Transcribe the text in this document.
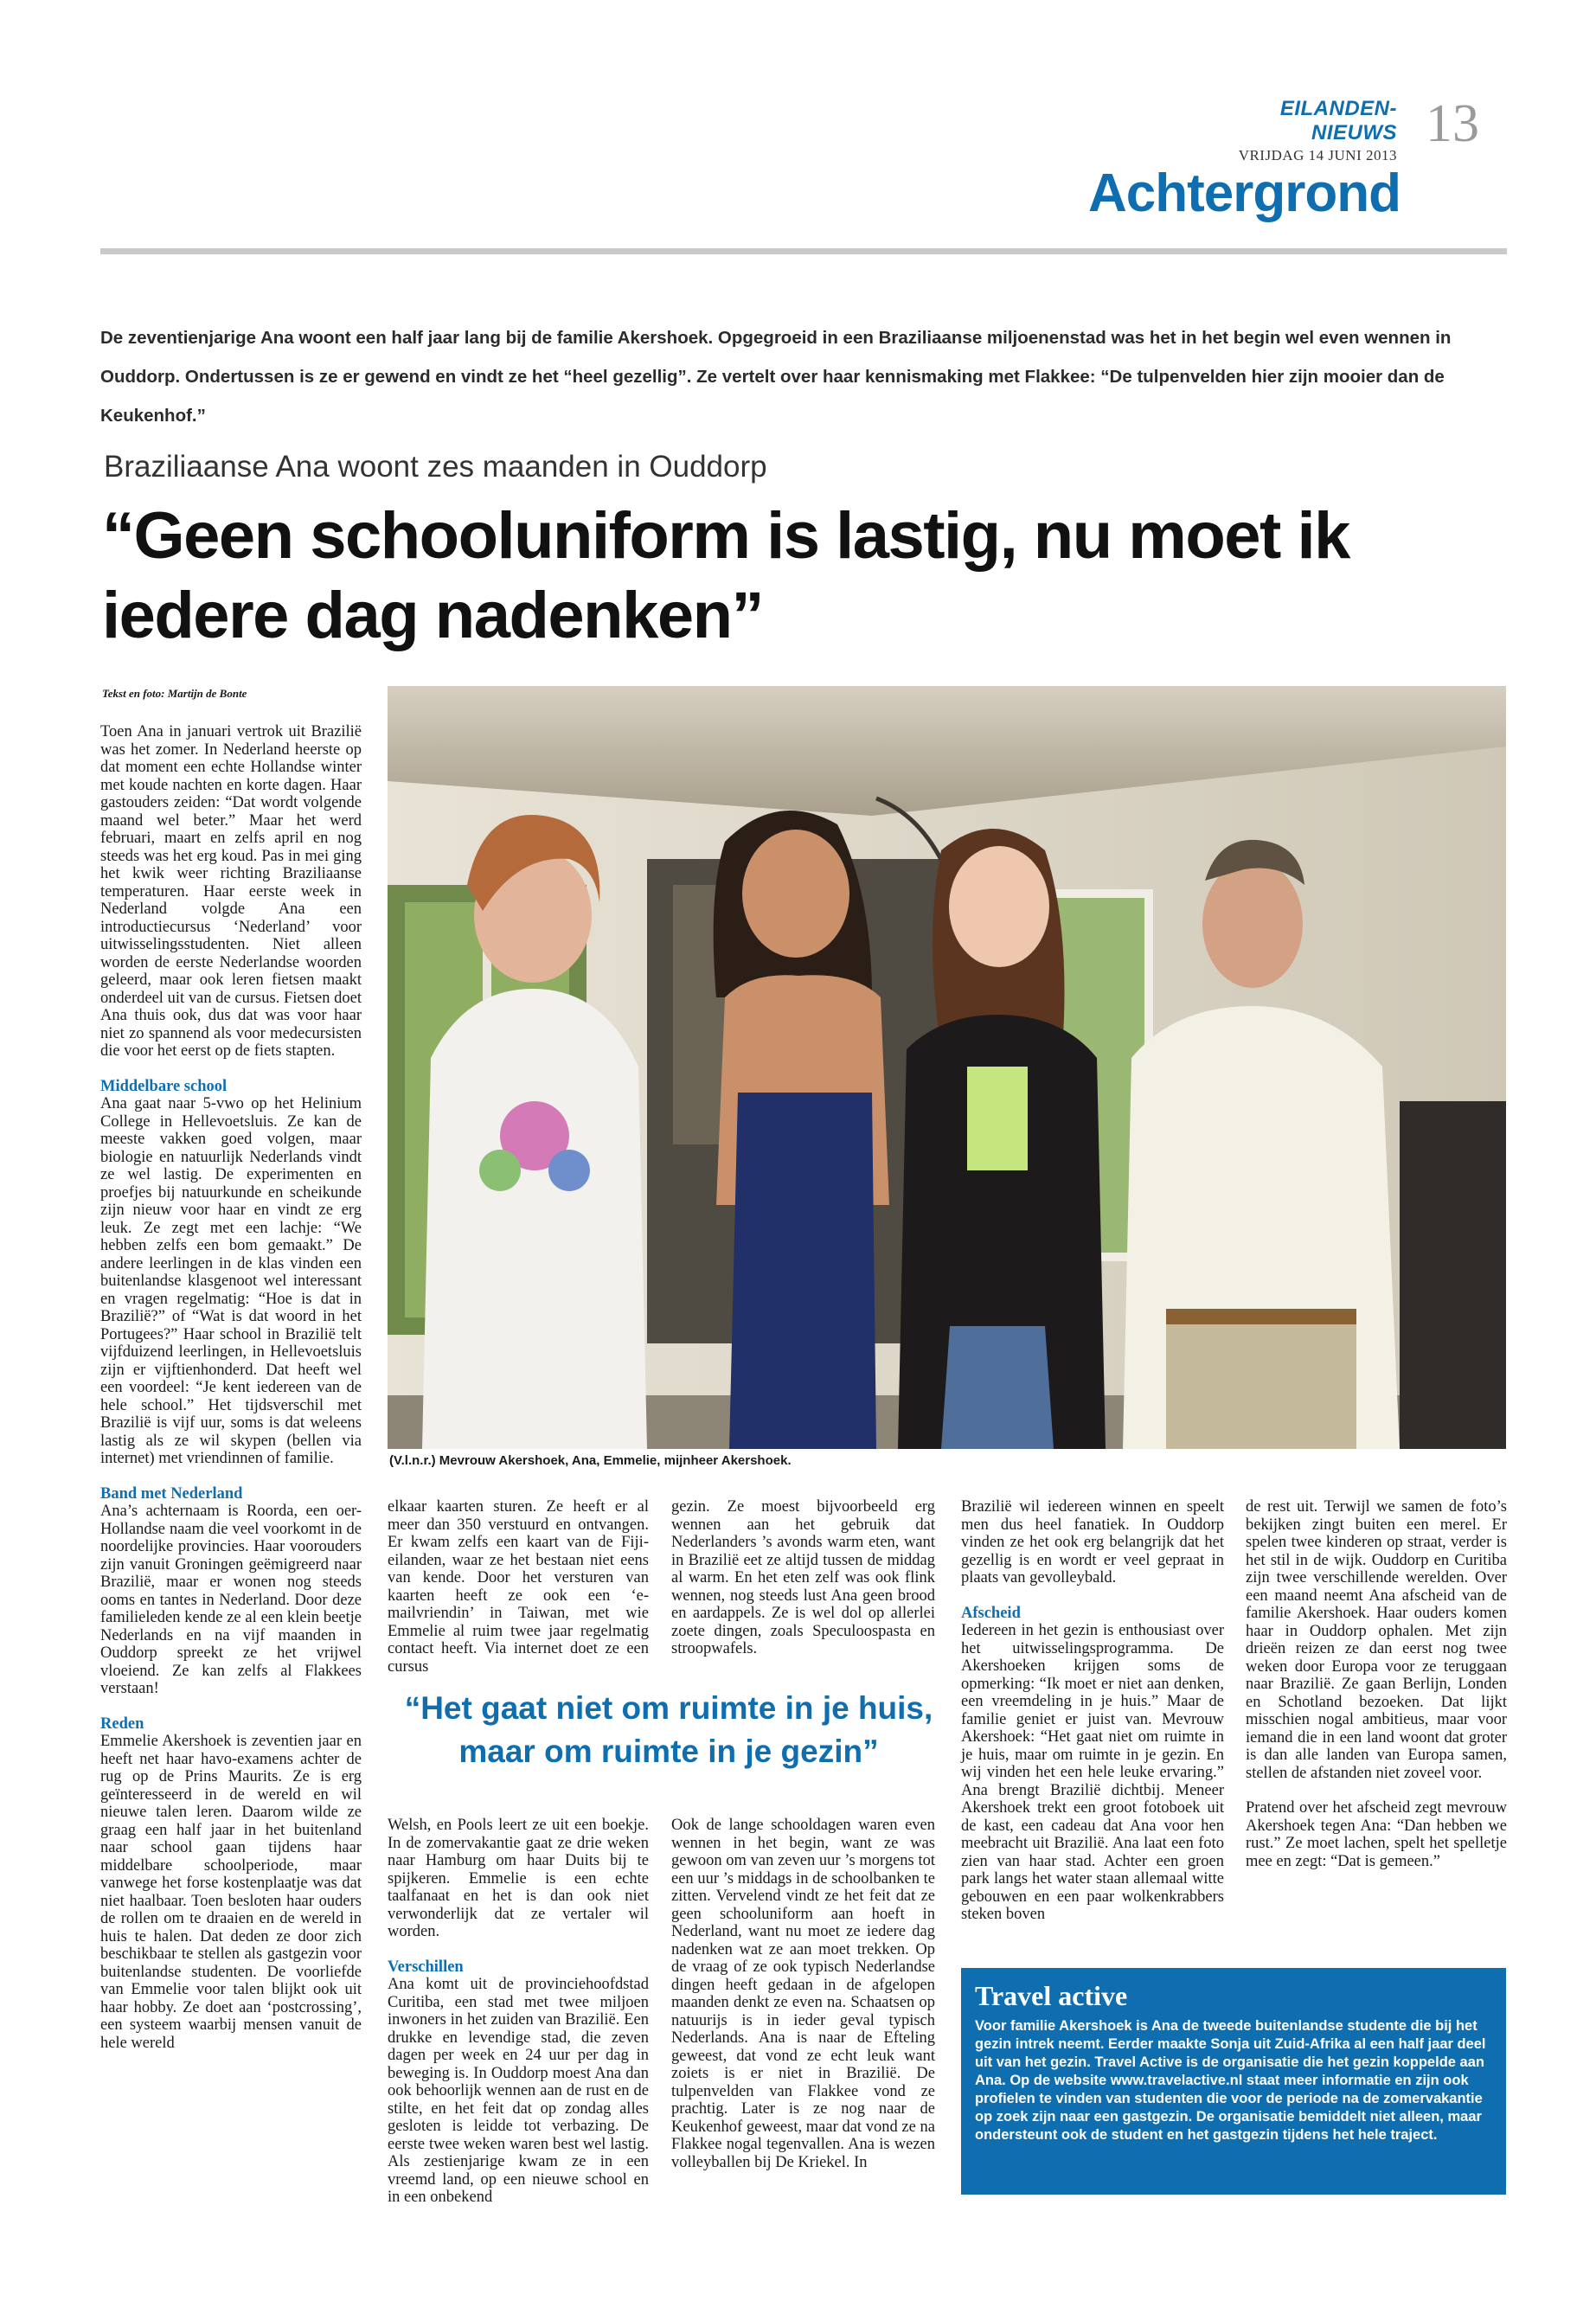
EILANDEN-NIEUWS
VRIJDAG 14 JUNI 2013
13
Achtergrond
De zeventienjarige Ana woont een half jaar lang bij de familie Akershoek. Opgegroeid in een Braziliaanse miljoenenstad was het in het begin wel even wennen in Ouddorp. Ondertussen is ze er gewend en vindt ze het “heel gezellig”. Ze vertelt over haar kennismaking met Flakkee: “De tulpenvelden hier zijn mooier dan de Keukenhof.”
Braziliaanse Ana woont zes maanden in Ouddorp
“Geen schooluniform is lastig, nu moet ik iedere dag nadenken”
Tekst en foto: Martijn de Bonte

Toen Ana in januari vertrok uit Brazilië was het zomer. In Nederland heerste op dat moment een echte Hollandse winter met koude nachten en korte dagen. Haar gastouders zeiden: “Dat wordt volgende maand wel beter.” Maar het werd februari, maart en zelfs april en nog steeds was het erg koud. Pas in mei ging het kwik weer richting Braziliaanse temperaturen. Haar eerste week in Nederland volgde Ana een introductiecursus ‘Nederland’ voor uitwisselingsstudenten. Niet alleen worden de eerste Nederlandse woorden geleerd, maar ook leren fietsen maakt onderdeel uit van de cursus. Fietsen doet Ana thuis ook, dus dat was voor haar niet zo spannend als voor medecursisten die voor het eerst op de fiets stapten.

Middelbare school

Ana gaat naar 5-vwo op het Helinium College in Hellevoetsluis. Ze kan de meeste vakken goed volgen, maar biologie en natuurlijk Nederlands vindt ze wel lastig. De experimenten en proefjes bij natuurkunde en scheikunde zijn nieuw voor haar en vindt ze erg leuk. Ze zegt met een lachje: “We hebben zelfs een bom gemaakt.” De andere leerlingen in de klas vinden een buitenlandse klasgenoot wel interessant en vragen regelmatig: “Hoe is dat in Brazilië?” of “Wat is dat woord in het Portugees?” Haar school in Brazilië telt vijfduizend leerlingen, in Hellevoetsluis zijn er vijftienhonderd. Dat heeft wel een voordeel: “Je kent iedereen van de hele school.” Het tijdsverschil met Brazilië is vijf uur, soms is dat weleens lastig als ze wil skypen (bellen via internet) met vriendinnen of familie.

Band met Nederland

Ana’s achternaam is Roorda, een oer-Hollandse naam die veel voorkomt in de noordelijke provincies. Haar voorouders zijn vanuit Groningen geëmigreerd naar Brazilië, maar er wonen nog steeds ooms en tantes in Nederland. Door deze familieleden kende ze al een klein beetje Nederlands en na vijf maanden in Ouddorp spreekt ze het vrijwel vloeiend. Ze kan zelfs al Flakkees verstaan!

Reden

Emmelie Akershoek is zeventien jaar en heeft net haar havo-examens achter de rug op de Prins Maurits. Ze is erg geïnteresseerd in de wereld en wil nieuwe talen leren. Daarom wilde ze graag een half jaar in het buitenland naar school gaan tijdens haar middelbare schoolperiode, maar vanwege het forse kostenplaatje was dat niet haalbaar. Toen besloten haar ouders de rollen om te draaien en de wereld in huis te halen. Dat deden ze door zich beschikbaar te stellen als gastgezin voor buitenlandse studenten. De voorliefde van Emmelie voor talen blijkt ook uit haar hobby. Ze doet aan ‘postcrossing’, een systeem waarbij mensen vanuit de hele wereld

(V.l.n.r.) Mevrouw Akershoek, Ana, Emmelie, mijnheer Akershoek.

elkaar kaarten sturen. Ze heeft er al meer dan 350 verstuurd en ontvangen. Er kwam zelfs een kaart van de Fiji-eilanden, waar ze het bestaan niet eens van kende. Door het versturen van kaarten heeft ze ook een ‘e-mailvriendin’ in Taiwan, met wie Emmelie al ruim twee jaar regelmatig contact heeft. Via internet doet ze een cursus

Welsh, en Pools leert ze uit een boekje. In de zomervakantie gaat ze drie weken naar Hamburg om haar Duits bij te spijkeren. Emmelie is een echte taalfanaat en het is dan ook niet verwonderlijk dat ze vertaler wil worden.

Verschillen

Ana komt uit de provinciehoofdstad Curitiba, een stad met twee miljoen inwoners in het zuiden van Brazilië. Een drukke en levendige stad, die zeven dagen per week en 24 uur per dag in beweging is. In Ouddorp moest Ana dan ook behoorlijk wennen aan de rust en de stilte, en het feit dat op zondag alles gesloten is leidde tot verbazing. De eerste twee weken waren best wel lastig. Als zestienjarige kwam ze in een vreemd land, op een nieuwe school en in een onbekend

gezin. Ze moest bijvoorbeeld erg wennen aan het gebruik dat Nederlanders ’s avonds warm eten, want in Brazilië eet ze altijd tussen de middag al warm. En het eten zelf was ook flink wennen, nog steeds lust Ana geen brood en aardappels. Ze is wel dol op allerlei zoete dingen, zoals Speculoospasta en stroopwafels.

Ook de lange schooldagen waren even wennen in het begin, want ze was gewoon om van zeven uur ’s morgens tot een uur ’s middags in de schoolbanken te zitten. Vervelend vindt ze het feit dat ze geen schooluniform aan hoeft in Nederland, want nu moet ze iedere dag nadenken wat ze aan moet trekken. Op de vraag of ze ook typisch Nederlandse dingen heeft gedaan in de afgelopen maanden denkt ze even na. Schaatsen op natuurijs is in ieder geval typisch Nederlands. Ana is naar de Efteling geweest, dat vond ze echt leuk want zoiets is er niet in Brazilië. De tulpenvelden van Flakkee vond ze prachtig. Later is ze nog naar de Keukenhof geweest, maar dat vond ze na Flakkee nogal tegenvallen. Ana is wezen volleyballen bij De Kriekel. In

“Het gaat niet om ruimte in je huis, maar om ruimte in je gezin”

Brazilië wil iedereen winnen en speelt men dus heel fanatiek. In Ouddorp vinden ze het ook erg belangrijk dat het gezellig is en wordt er veel gepraat in plaats van gevolleybald.

Afscheid

Iedereen in het gezin is enthousiast over het uitwisselingsprogramma. De Akershoeken krijgen soms de opmerking: “Ik moet er niet aan denken, een vreemdeling in je huis.” Maar de familie geniet er juist van. Mevrouw Akershoek: “Het gaat niet om ruimte in je huis, maar om ruimte in je gezin. En wij vinden het een hele leuke ervaring.” Ana brengt Brazilië dichtbij. Meneer Akershoek trekt een groot fotoboek uit de kast, een cadeau dat Ana voor hen meebracht uit Brazilië. Ana laat een foto zien van haar stad. Achter een groen park langs het water staan allemaal witte gebouwen en een paar wolkenkrabbers steken boven

de rest uit. Terwijl we samen de foto’s bekijken zingt buiten een merel. Er spelen twee kinderen op straat, verder is het stil in de wijk. Ouddorp en Curitiba zijn twee verschillende werelden. Over een maand neemt Ana afscheid van de familie Akershoek. Haar ouders komen haar in Ouddorp ophalen. Met zijn drieën reizen ze dan eerst nog twee weken door Europa voor ze teruggaan naar Brazilië. Ze gaan Berlijn, Londen en Schotland bezoeken. Dat lijkt misschien nogal ambitieus, maar voor iemand die in een land woont dat groter is dan alle landen van Europa samen, stellen de afstanden niet zoveel voor.

Pratend over het afscheid zegt mevrouw Akershoek tegen Ana: “Dan hebben we rust.” Ze moet lachen, spelt het spelletje mee en zegt: “Dat is gemeen.”

Travel active

Voor familie Akershoek is Ana de tweede buitenlandse studente die bij het gezin intrek neemt. Eerder maakte Sonja uit Zuid-Afrika al een half jaar deel uit van het gezin. Travel Active is de organisatie die het gezin koppelde aan Ana. Op de website www.travelactive.nl staat meer informatie en zijn ook profielen te vinden van studenten die voor de periode na de zomervakantie op zoek zijn naar een gastgezin. De organisatie bemiddelt niet alleen, maar ondersteunt ook de student en het gastgezin tijdens het hele traject.
